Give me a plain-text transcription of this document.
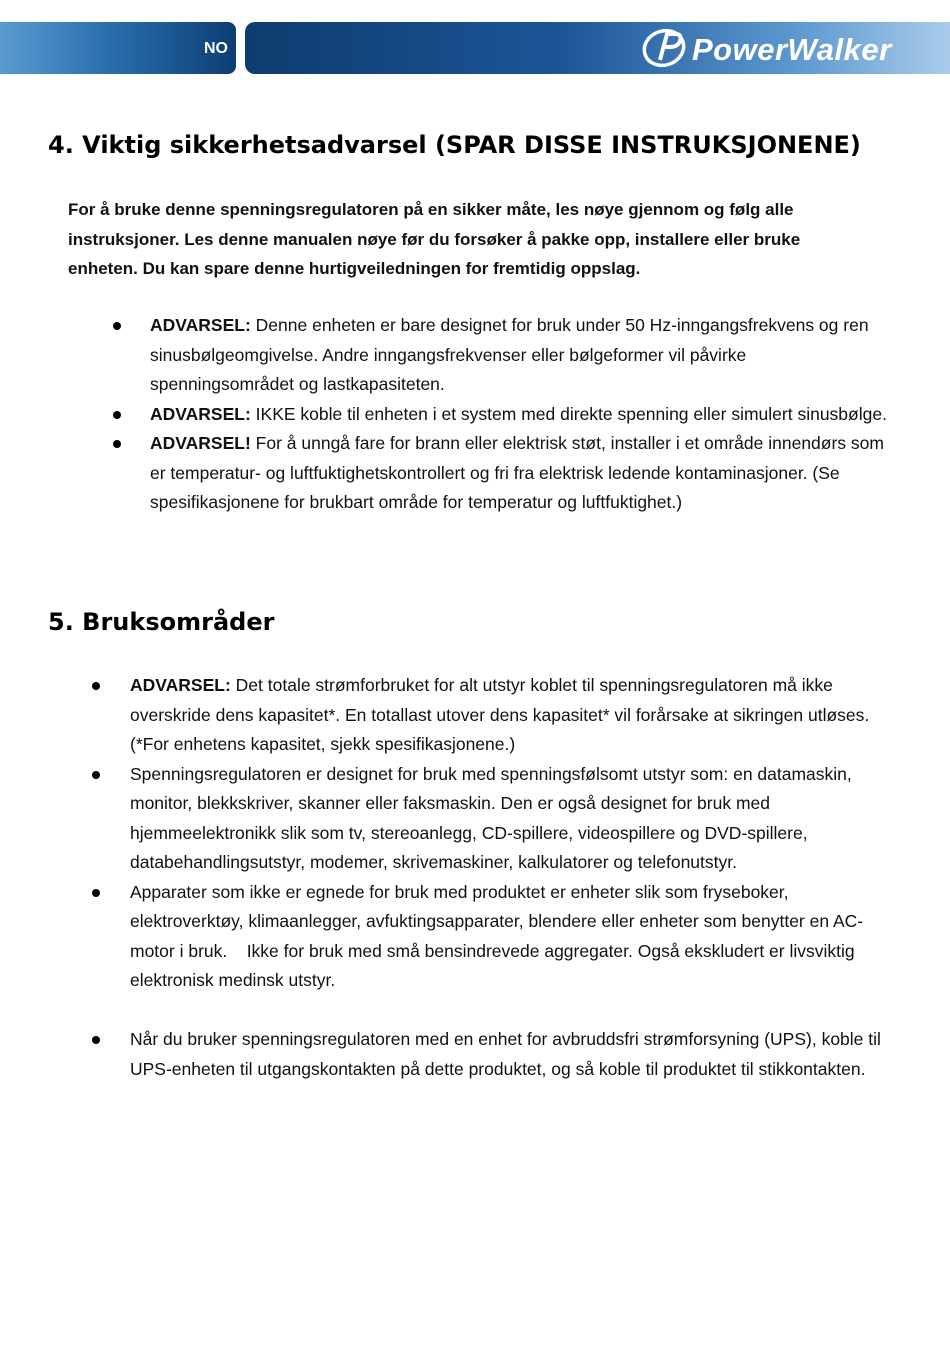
NO	PowerWalker
4. Viktig sikkerhetsadvarsel (SPAR DISSE INSTRUKSJONENE)

For å bruke denne spenningsregulatoren på en sikker måte, les nøye gjennom og følg alle instruksjoner. Les denne manualen nøye før du forsøker å pakke opp, installere eller bruke enheten. Du kan spare denne hurtigveiledningen for fremtidig oppslag.

ADVARSEL: Denne enheten er bare designet for bruk under 50 Hz-inngangsfrekvens og ren sinusbølgeomgivelse. Andre inngangsfrekvenser eller bølgeformer vil påvirke spenningsområdet og lastkapasiteten.
ADVARSEL: IKKE koble til enheten i et system med direkte spenning eller simulert sinusbølge.
ADVARSEL! For å unngå fare for brann eller elektrisk støt, installer i et område innendørs som er temperatur- og luftfuktighetskontrollert og fri fra elektrisk ledende kontaminasjoner. (Se spesifikasjonene for brukbart område for temperatur og luftfuktighet.)
5. Bruksområder
ADVARSEL: Det totale strømforbruket for alt utstyr koblet til spenningsregulatoren må ikke overskride dens kapasitet*. En totallast utover dens kapasitet* vil forårsake at sikringen utløses.
(*For enhetens kapasitet, sjekk spesifikasjonene.)
Spenningsregulatoren er designet for bruk med spenningsfølsomt utstyr som: en datamaskin, monitor, blekkskriver, skanner eller faksmaskin. Den er også designet for bruk med hjemmeelektronikk slik som tv, stereoanlegg, CD-spillere, videospillere og DVD-spillere, databehandlingsutstyr, modemer, skrivemaskiner, kalkulatorer og telefonutstyr.
Apparater som ikke er egnede for bruk med produktet er enheter slik som fryseboker, elektroverktøy, klimaanlegger, avfuktingsapparater, blendere eller enheter som benytter en AC-motor i bruk.    Ikke for bruk med små bensindrevede aggregater. Også ekskludert er livsviktig elektronisk medinsk utstyr.
Når du bruker spenningsregulatoren med en enhet for avbruddsfri strømforsyning (UPS), koble til UPS-enheten til utgangskontakten på dette produktet, og så koble til produktet til stikkontakten.
